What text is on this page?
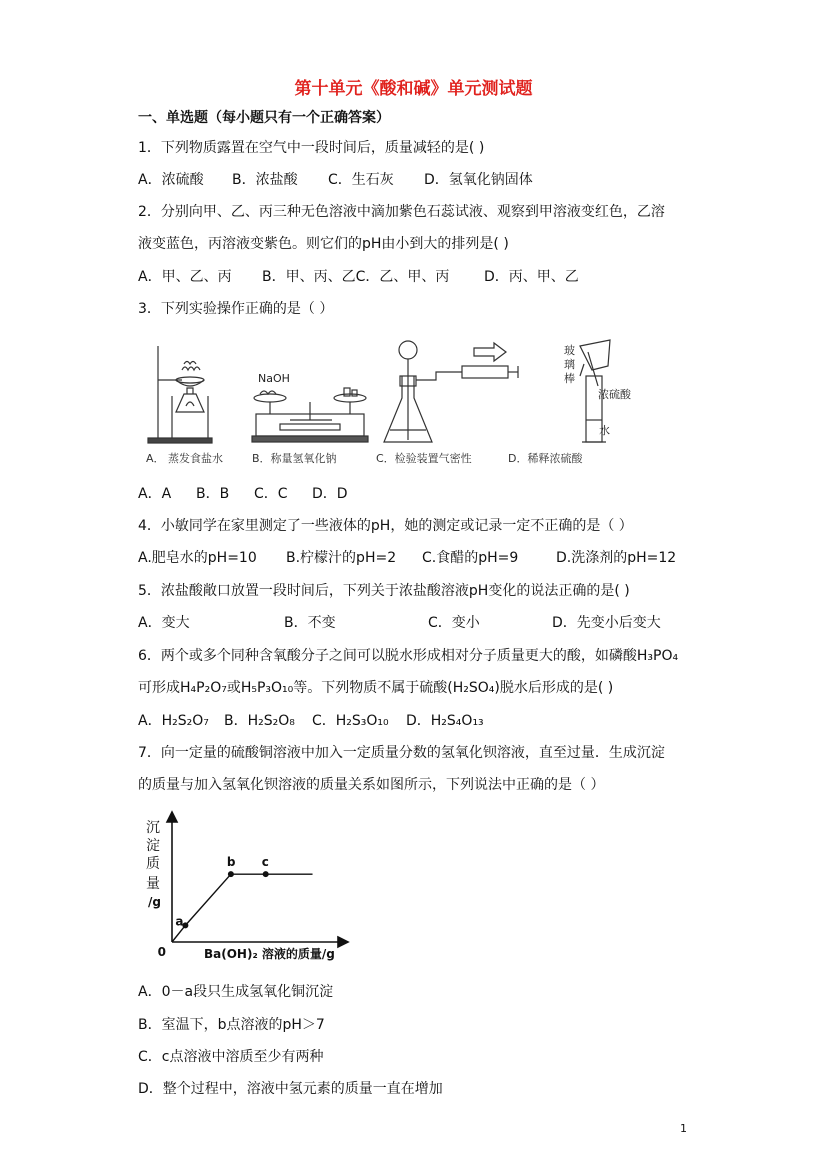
第十单元《酸和碱》单元测试题
一、单选题（每小题只有一个正确答案）
1．下列物质露置在空气中一段时间后，质量减轻的是( )
A．浓硫酸 B．浓盐酸 C．生石灰 D．氢氧化钠固体
2．分别向甲、乙、丙三种无色溶液中滴加紫色石蕊试液、观察到甲溶液变红色，乙溶
液变蓝色，丙溶液变紫色。则它们的pH由小到大的排列是( )
A．甲、乙、丙 B．甲、丙、乙C．乙、甲、丙 D．丙、甲、乙
3．下列实验操作正确的是（ ）
NaOH
玻
璃
棒
浓硫酸
水
A． 蒸发食盐水	B．称量氢氧化钠	C．检验装置气密性	D．稀释浓硫酸
A．A B．B C．C D．D
4．小敏同学在家里测定了一些液体的pH，她的测定或记录一定不正确的是（ ）
A.肥皂水的pH=10 B.柠檬汁的pH=2 C.食醋的pH=9	D.洗涤剂的pH=12
5．浓盐酸敞口放置一段时间后，下列关于浓盐酸溶液pH变化的说法正确的是( )
A．变大	B．不变	C．变小	D．先变小后变大
6．两个或多个同种含氧酸分子之间可以脱水形成相对分子质量更大的酸，如磷酸H₃PO₄
可形成H₄P₂O₇或H₅P₃O₁₀等。下列物质不属于硫酸(H₂SO₄)脱水后形成的是( )
A．H₂S₂O₇ B．H₂S₂O₈ C．H₂S₃O₁₀ D．H₂S₄O₁₃
7．向一定量的硫酸铜溶液中加入一定质量分数的氢氧化钡溶液，直至过量．生成沉淀
的质量与加入氢氧化钡溶液的质量关系如图所示，下列说法中正确的是（ ）
沉
淀
质
量
/g
0	Ba(OH)₂ 溶液的质量/g
a
b c
A．0－a段只生成氢氧化铜沉淀
B．室温下，b点溶液的pH＞7
C．c点溶液中溶质至少有两种
D．整个过程中，溶液中氢元素的质量一直在增加
1
